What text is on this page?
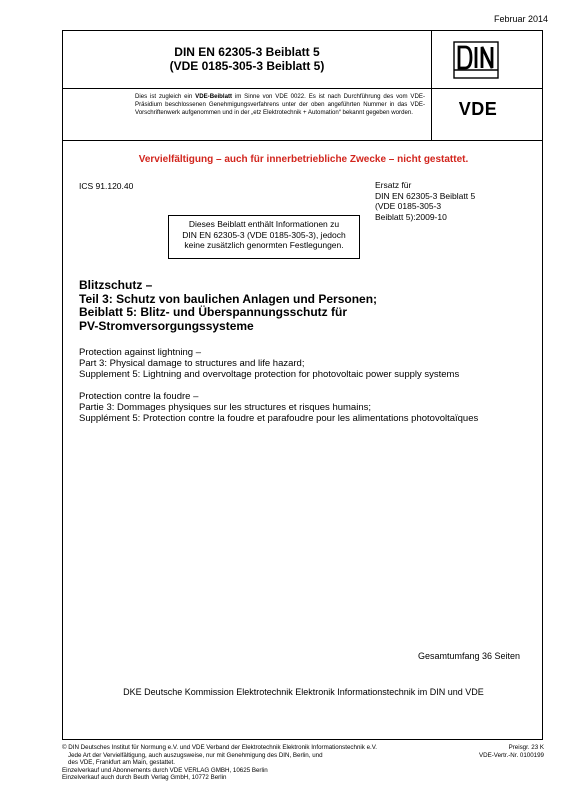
Februar 2014
DIN EN 62305-3 Beiblatt 5
(VDE 0185-305-3 Beiblatt 5)
VDE
Dies ist zugleich ein VDE-Beiblatt im Sinne von VDE 0022. Es ist nach Durchführung des vom VDE-Präsidium beschlossenen Genehmigungsverfahrens unter der oben angeführten Nummer in das VDE-Vorschriftenwerk aufgenommen und in der „etz Elektrotechnik + Automation“ bekannt gegeben worden.
Vervielfältigung – auch für innerbetriebliche Zwecke – nicht gestattet.
ICS 91.120.40	Ersatz für
DIN EN 62305-3 Beiblatt 5
(VDE 0185-305-3
Beiblatt 5):2009-10
Dieses Beiblatt enthält Informationen zu
DIN EN 62305-3 (VDE 0185-305-3), jedoch
keine zusätzlich genormten Festlegungen.
Blitzschutz –
Teil 3: Schutz von baulichen Anlagen und Personen;
Beiblatt 5: Blitz- und Überspannungsschutz für
PV-Stromversorgungssysteme
Protection against lightning –
Part 3: Physical damage to structures and life hazard;
Supplement 5: Lightning and overvoltage protection for photovoltaic power supply systems
Protection contre la foudre –
Partie 3: Dommages physiques sur les structures et risques humains;
Supplément 5: Protection contre la foudre et parafoudre pour les alimentations photovoltaïques
Gesamtumfang 36 Seiten
DKE Deutsche Kommission Elektrotechnik Elektronik Informationstechnik im DIN und VDE
© DIN Deutsches Institut für Normung e.V. und VDE Verband der Elektrotechnik Elektronik Informationstechnik e.V.
Jede Art der Vervielfältigung, auch auszugsweise, nur mit Genehmigung des DIN, Berlin, und
des VDE, Frankfurt am Main, gestattet.
Einzelverkauf und Abonnements durch VDE VERLAG GMBH, 10625 Berlin
Einzelverkauf auch durch Beuth Verlag GmbH, 10772 Berlin
Preisgr. 23 K
VDE-Vertr.-Nr. 0100199
